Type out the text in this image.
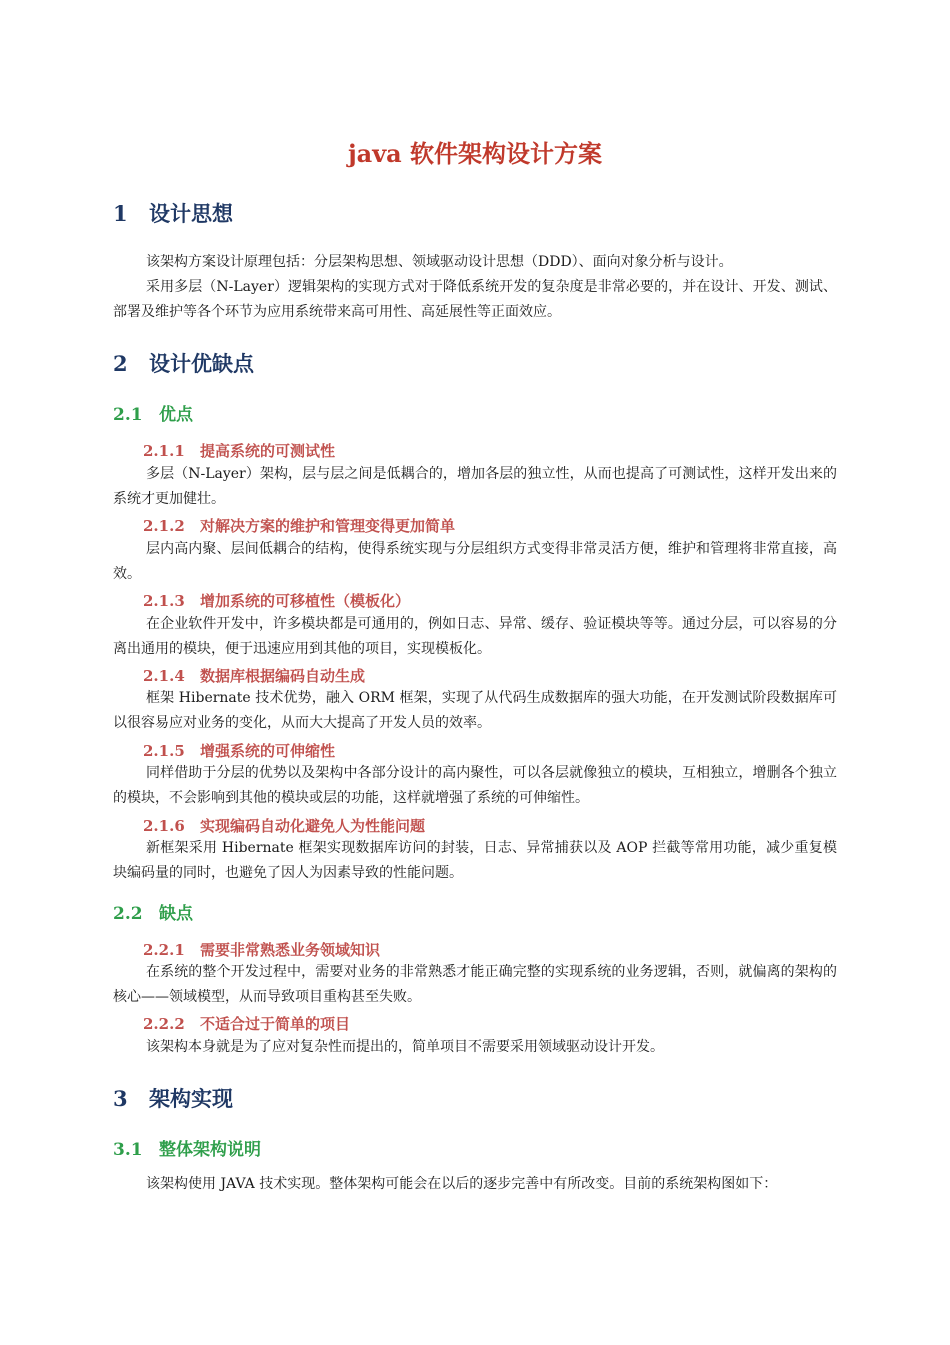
java 软件架构设计方案
1 设计思想
该架构方案设计原理包括：分层架构思想、领域驱动设计思想（DDD）、面向对象分析与设计。
采用多层（N-Layer）逻辑架构的实现方式对于降低系统开发的复杂度是非常必要的，并在设计、开发、测试、部署及维护等各个环节为应用系统带来高可用性、高延展性等正面效应。
2 设计优缺点
2.1 优点
2.1.1 提高系统的可测试性
多层（N-Layer）架构，层与层之间是低耦合的，增加各层的独立性，从而也提高了可测试性，这样开发出来的系统才更加健壮。
2.1.2 对解决方案的维护和管理变得更加简单
层内高内聚、层间低耦合的结构，使得系统实现与分层组织方式变得非常灵活方便，维护和管理将非常直接，高效。
2.1.3 增加系统的可移植性（模板化）
在企业软件开发中，许多模块都是可通用的，例如日志、异常、缓存、验证模块等等。通过分层，可以容易的分离出通用的模块，便于迅速应用到其他的项目，实现模板化。
2.1.4 数据库根据编码自动生成
框架 Hibernate 技术优势，融入 ORM 框架，实现了从代码生成数据库的强大功能，在开发测试阶段数据库可以很容易应对业务的变化，从而大大提高了开发人员的效率。
2.1.5 增强系统的可伸缩性
同样借助于分层的优势以及架构中各部分设计的高内聚性，可以各层就像独立的模块，互相独立，增删各个独立的模块，不会影响到其他的模块或层的功能，这样就增强了系统的可伸缩性。
2.1.6 实现编码自动化避免人为性能问题
新框架采用 Hibernate 框架实现数据库访问的封装，日志、异常捕获以及 AOP 拦截等常用功能，减少重复模块编码量的同时，也避免了因人为因素导致的性能问题。
2.2 缺点
2.2.1 需要非常熟悉业务领域知识
在系统的整个开发过程中，需要对业务的非常熟悉才能正确完整的实现系统的业务逻辑，否则，就偏离的架构的核心——领域模型，从而导致项目重构甚至失败。
2.2.2 不适合过于简单的项目
该架构本身就是为了应对复杂性而提出的，简单项目不需要采用领域驱动设计开发。
3 架构实现
3.1 整体架构说明
该架构使用 JAVA 技术实现。整体架构可能会在以后的逐步完善中有所改变。目前的系统架构图如下：
